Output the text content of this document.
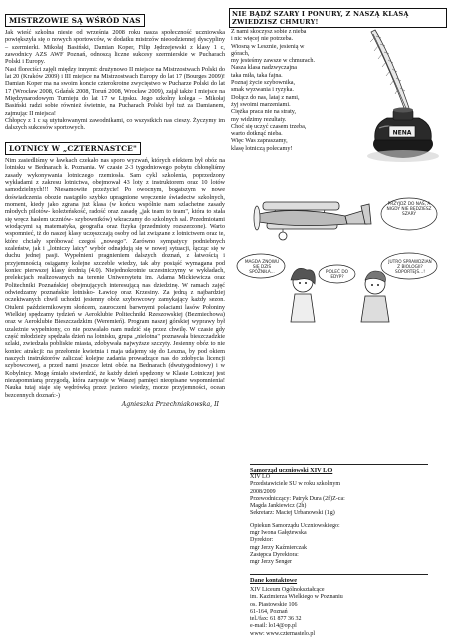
MISTRZOWIE SĄ WŚRÓD NAS

Jak wieść szkolna niesie od września 2008 roku nasza społeczność uczniowska powiększyła się o nowych sportowców, w dodatku mistrzów nieoodziennej dyscypliny – szermierki. Mikołaj Basiński, Damian Koper, Filip Jędrzejewski z klasy 1 c, zawodnicy AZS AWF Poznań, odnoszą liczne sukcesy szermierskie w Pucharach Polski i Europy.

Nasi floreciści zajęli między innymi: drużynowo II miejsce na Mistrzostwach Polski do lat 20 (Kraków 2009) i III miejsce na Mistrzostwach Europy do lat 17 (Bourges 2009)! Damian Koper ma na swoim koncie czterokrotne zwycięstwo w Pucharze Polski do lat 17 (Wrocław 2008, Gdańsk 2008, Toruń 2008, Wrocław 2009), zajął także I miejsce na Międzynarodowym Turnieju do lat 17 w Lipsku. Jego szkolny kolega – Mikołaj Basiński radzi sobie również świetnie, na Pucharach Polski był tuż za Damianem, zajmując II miejsca!

Chłopcy z 1 c są utytułowanymi zawodnikami, co wszystkich nas cieszy. Życzymy im dalszych sukcesów sportowych.

LOTNICY W „CZTERNASTCE"

Nim zasiedliśmy w ławkach czekało nas sporo wyzwań, których efektem był obóz na lotnisku w Bednarach k. Poznania. W czasie 2-3 tygodniowego pobytu chłonęliśmy zasady wykonywania lotniczego rzemiosła. Sam cykl szkolenia, poprzedzony wykładami z zakresu lotnictwa, obejmował 43 loty z instruktorem oraz 10 lotów samodzielnych!!! Niesamowite przeżycie! Po owocnym, bogatszym w nowe doświadczenia obozie nastąpiło szybko upragnione wręczenie świadectw szkolnych, moment, kiedy jako zgrana już klasa (w końcu wspólnie nam szlachetne zasady młodych pilotów- koleżeńskość, radość oraz zasadę „jak team to team", która to stała się wręcz hasłem uczniów- szybowników) wkraczamy do szkolnych sal. Przedmiotami wiodącymi są matematyka, geografia oraz fizyka (przedmioty rozszerzone). Warto wspomnieć, iż do naszej klasy uczęszczają osoby od lat związane z lotnictwem oraz te, które chciały spróbować czegoś „nowego". Zarówno sympatycy podniebnych szaleństw, jak i „lotniczy laicy" wybór odnajdują się w nowej sytuacji, łącząc się w duchu jednej pasji. Wypełnieni pragnieniem dalszych doznań, z łatwością i przyjemnością osiągamy kolejne szczeble wiedzy, tak aby posiąść wymagana pod koniec pierwszej klasy średnią (4.0). Niejednokrotnie uczestniczymy w wykładach, prelekcjach realizowanych na terenie Uniwersytetu im. Adama Mickiewicza oraz Politechniki Poznańskiej obejmujących interesującą nas dziedzinę. W ramach zajęć odwiedzamy poznańskie lotnisko- Ławicę oraz Krzesiny. Za jedną z najbardziej oczekiwanych chwil uchodzi jesienny obóz szybowcowy zamykający każdy sezon. Otuleni październikowym słońcem, zauroczeni barwnymi polaciami lasów Połoniny Wielkiej spędzamy tydzień w Aeroklubie Politechniki Rzeszowskiej (Bezmiechowa) oraz w Aeroklubie Bieszczadzkim (Weremień). Program naszej górskiej wyprawy był uzależnie wypełniony, co nie pozwalało nam nudzić się przez chwilę. W czasie gdy część młodzieży spędzała dzień na lotnisku, grupa „nielotna" poznawała bieszczadzkie szlaki, zwiedzała pobliskie miasta, zdobywała najwyższe szczyty. Jesienny obóz to nie koniec atrakcji: na przełomie kwietnia i maja udajemy się do Leszna, by pod okiem naszych instruktorów zaliczać kolejne zadania prowadzące nas do zdobycia licencji szybowcowej, a przed nami jeszcze letni obóz na Bednarach (dwutygodniowy) i w Kobylnicy. Mogę śmiało stwierdzić, że każdy dzień spędzony w Klasie Lotniczej jest niezapomnianą przygodą, która zarysuje w Waszej pamięci nieopisane wspomnienia! Nauka tutaj staje się wędrówką przez jezioro wiedzy, morze przyjemności, ocean bezcennych doznań:-)

Agnieszka Przechniakowska, II
NIE BĄDŹ SZARY I PONURY, Z NASZĄ KLASĄ ZWIEDZISZ CHMURY!
Z nami skoczysz sobie z nieba
i nic więcej nie potrzeba.
Wiosną w Lesznie, jesienią w
górach,
my jesteśmy zawsze w chmurach.
Nasza klasa nadzwyczajna
taka miła, taka fajna.
Poznaj życie szybownika,
smak wyzwania i ryzyka.
Dołącz do nas, lataj z nami,
żyj swoimi marzeniami.
Ciężka praca nie na straty,
my widzimy rezultaty.
Choć się uczyć czasem trzeba,
warto dotknąć nieba.
Więc Was zapraszamy,
klasę lotniczą polecamy!
NENA
PRZYJDŹ DO NAS, A NIGDY NIE BĘDZIESZ SZARY
MAGDA ZNOWU SIĘ DZIŚ SPÓŹNIŁA...
JUTRO SPRAWDZIAN Z BIOLOGII? SOPORTEJŚ...!
POLEĆ DO EDYP?
Samorząd uczniowski XIV LO
XIV LO
Przedstawiciele SU w roku szkolnym
2008/2009
Przewodniczący: Patryk Dura (2f)Z-ca:
Magda Jankiewicz (2h)
Sekretarz: Maciej Urbanowski (1g)
Opiekun Samorządu Uczniowskiego:
mgr Iwona Gałężewska
Dyrektor:
mgr Jerzy Kaźmierczak
Zastępca Dyrektora:
mgr Jerzy Senger
Dane kontaktowe
XIV Liceum Ogólnokształcące
im. Kazimierza Wielkiego w Poznaniu
os. Piastowskie 106
61-164, Poznań
tel./fax: 61 877 36 32
e-mail: lo14@op.pl
www: www.czternastelo.pl
